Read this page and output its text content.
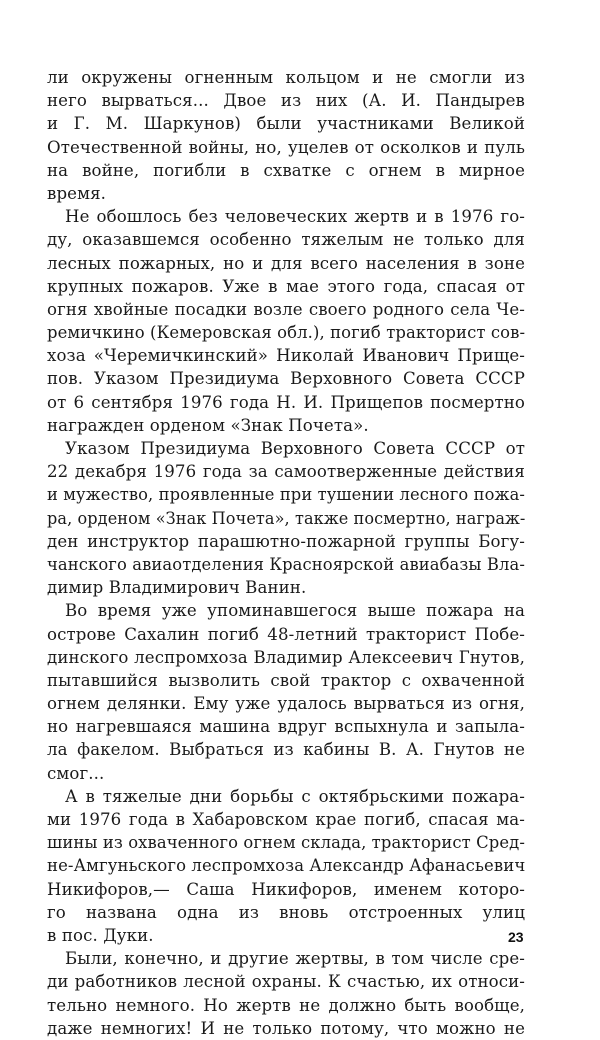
ли окружены огненным кольцом и не смогли из
него вырваться... Двое из них (А. И. Пандырев
и Г. М. Шаркунов) были участниками Великой
Отечественной войны, но, уцелев от осколков и пуль
на войне, погибли в схватке с огнем в мирное
время.
Не обошлось без человеческих жертв и в 1976 го-
ду, оказавшемся особенно тяжелым не только для
лесных пожарных, но и для всего населения в зоне
крупных пожаров. Уже в мае этого года, спасая от
огня хвойные посадки возле своего родного села Че-
ремичкино (Кемеровская обл.), погиб тракторист сов-
хоза «Черемичкинский» Николай Иванович Прище-
пов. Указом Президиума Верховного Совета СССР
от 6 сентября 1976 года Н. И. Прищепов посмертно
награжден орденом «Знак Почета».
Указом Президиума Верховного Совета СССР от
22 декабря 1976 года за самоотверженные действия
и мужество, проявленные при тушении лесного пожа-
ра, орденом «Знак Почета», также посмертно, награж-
ден инструктор парашютно-пожарной группы Богу-
чанского авиаотделения Красноярской авиабазы Вла-
димир Владимирович Ванин.
Во время уже упоминавшегося выше пожара на
острове Сахалин погиб 48-летний тракторист Побе-
динского леспромхоза Владимир Алексеевич Гнутов,
пытавшийся вызволить свой трактор с охваченной
огнем делянки. Ему уже удалось вырваться из огня,
но нагревшаяся машина вдруг вспыхнула и запыла-
ла факелом. Выбраться из кабины В. А. Гнутов не
смог...
А в тяжелые дни борьбы с октябрьскими пожара-
ми 1976 года в Хабаровском крае погиб, спасая ма-
шины из охваченного огнем склада, тракторист Сред-
не-Амгуньского леспромхоза Александр Афанасьевич
Никифоров,— Саша Никифоров, именем которо-
го названа одна из вновь отстроенных улиц
в пос. Дуки.
Были, конечно, и другие жертвы, в том числе сре-
ди работников лесной охраны. К счастью, их относи-
тельно немного. Но жертв не должно быть вообще,
даже немногих! И не только потому, что можно не
23
